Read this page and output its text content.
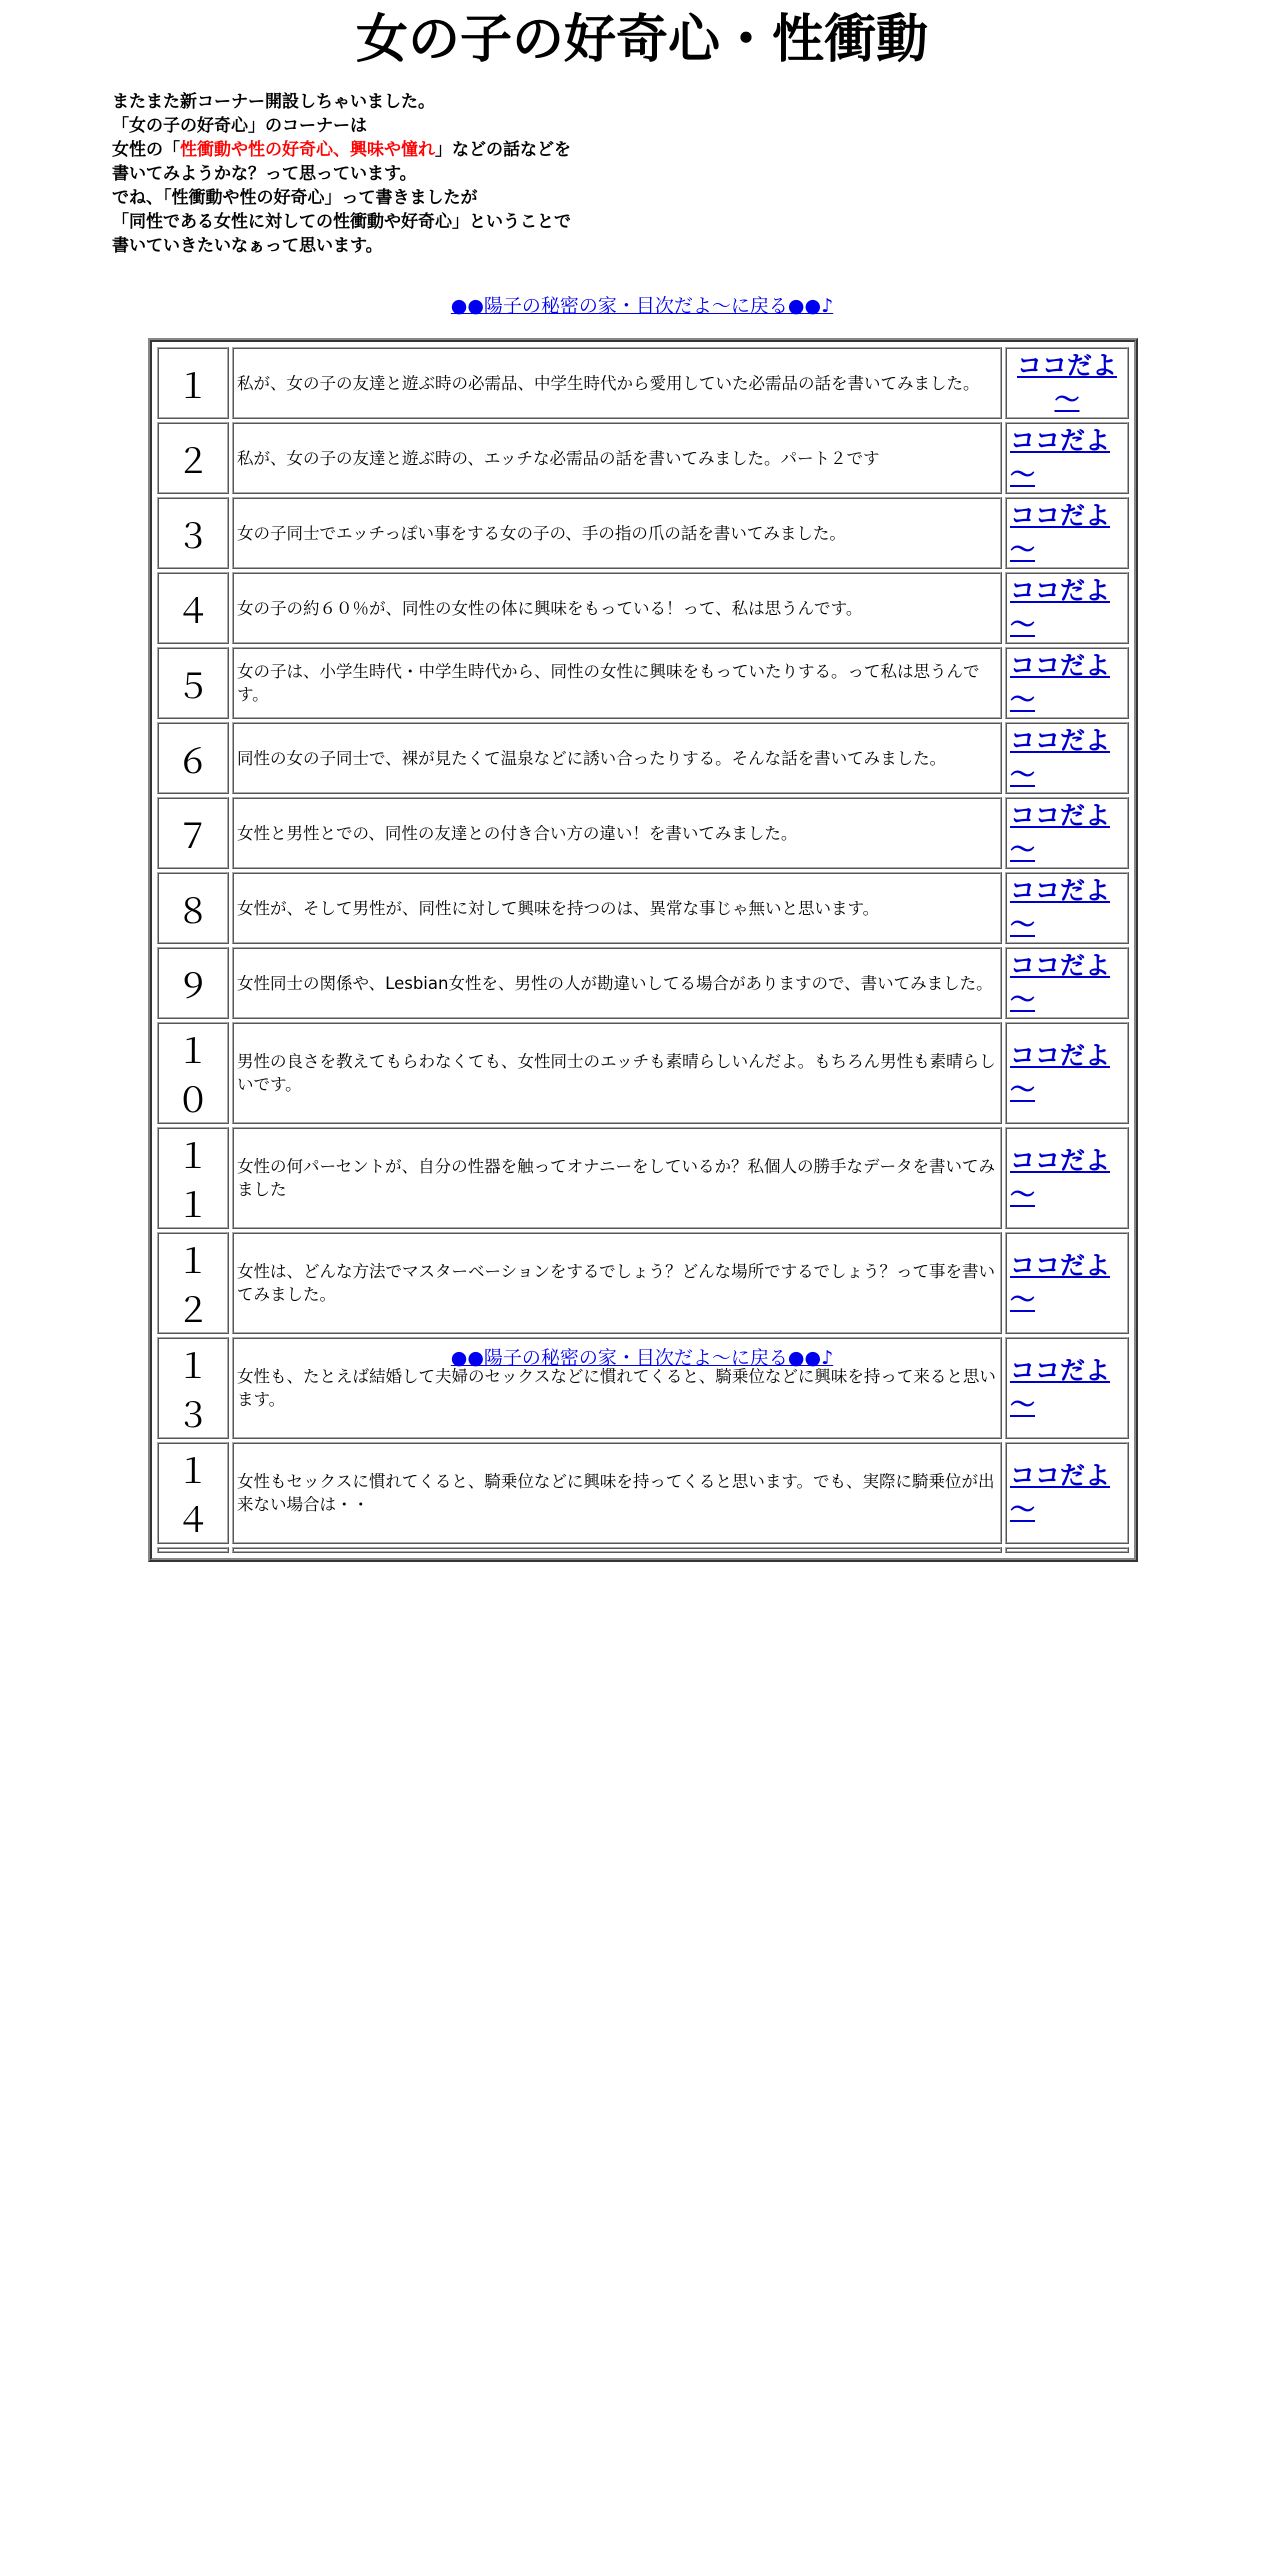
女の子の好奇心・性衝動

またまた新コーナー開設しちゃいました。

「女の子の好奇心」のコーナーは

女性の「性衝動や性の好奇心、興味や憧れ」などの話などを

書いてみようかな？って思っています。

でね、「性衝動や性の好奇心」って書きましたが

「同性である女性に対しての性衝動や好奇心」ということで

書いていきたいなぁって思います。

●●陽子の秘密の家・目次だよ～に戻る●●♪
１	私が、女の子の友達と遊ぶ時の必需品、中学生時代から愛用していた必需品の話を書いてみました。	ココだよ～
２	私が、女の子の友達と遊ぶ時の、エッチな必需品の話を書いてみました。パート２です	ココだよ～
３	女の子同士でエッチっぽい事をする女の子の、手の指の爪の話を書いてみました。	ココだよ～
４	女の子の約６０％が、同性の女性の体に興味をもっている！って、私は思うんです。	ココだよ～
５	女の子は、小学生時代・中学生時代から、同性の女性に興味をもっていたりする。って私は思うんです。	ココだよ～
６	同性の女の子同士で、裸が見たくて温泉などに誘い合ったりする。そんな話を書いてみました。	ココだよ～
７	女性と男性とでの、同性の友達との付き合い方の違い！を書いてみました。	ココだよ～
８	女性が、そして男性が、同性に対して興味を持つのは、異常な事じゃ無いと思います。	ココだよ～
９	女性同士の関係や、Lesbian女性を、男性の人が勘違いしてる場合がありますので、書いてみました。	ココだよ～
１０	男性の良さを教えてもらわなくても、女性同士のエッチも素晴らしいんだよ。もちろん男性も素晴らしいです。	ココだよ～
１１	女性の何パーセントが、自分の性器を触ってオナニーをしているか？私個人の勝手なデータを書いてみました	ココだよ～
１２	女性は、どんな方法でマスターベーションをするでしょう？どんな場所でするでしょう？って事を書いてみました。	ココだよ～
１３	女性も、たとえば結婚して夫婦のセックスなどに慣れてくると、騎乗位などに興味を持って来ると思います。	ココだよ～
１４	女性もセックスに慣れてくると、騎乗位などに興味を持ってくると思います。でも、実際に騎乗位が出来ない場合は・・	ココだよ～

●●陽子の秘密の家・目次だよ～に戻る●●♪
